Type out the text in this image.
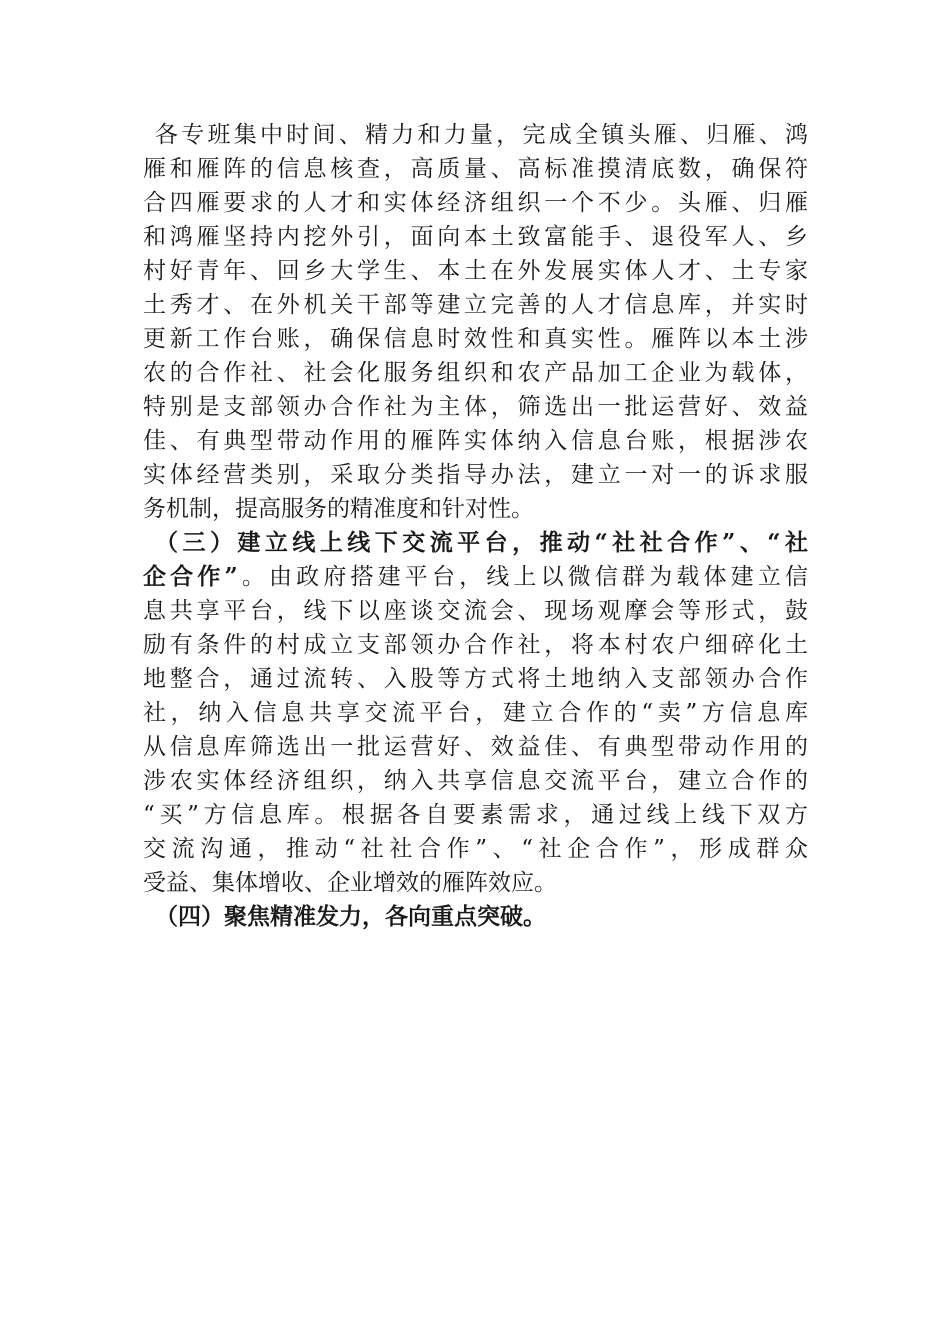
各专班集中时间、精力和力量，完成全镇头雁、归雁、鸿
雁和雁阵的信息核查，高质量、高标准摸清底数，确保符
合四雁要求的人才和实体经济组织一个不少。头雁、归雁
和鸿雁坚持内挖外引，面向本土致富能手、退役军人、乡
村好青年、回乡大学生、本土在外发展实体人才、土专家
土秀才、在外机关干部等建立完善的人才信息库，并实时
更新工作台账，确保信息时效性和真实性。雁阵以本土涉
农的合作社、社会化服务组织和农产品加工企业为载体，
特别是支部领办合作社为主体，筛选出一批运营好、效益
佳、有典型带动作用的雁阵实体纳入信息台账，根据涉农
实体经营类别，采取分类指导办法，建立一对一的诉求服
务机制，提高服务的精准度和针对性。
（三）建立线上线下交流平台，推动“社社合作”、“社
企合作”。由政府搭建平台，线上以微信群为载体建立信
息共享平台，线下以座谈交流会、现场观摩会等形式，鼓
励有条件的村成立支部领办合作社，将本村农户细碎化土
地整合，通过流转、入股等方式将土地纳入支部领办合作
社，纳入信息共享交流平台，建立合作的“卖”方信息库
从信息库筛选出一批运营好、效益佳、有典型带动作用的
涉农实体经济组织，纳入共享信息交流平台，建立合作的
“买”方信息库。根据各自要素需求，通过线上线下双方
交流沟通，推动“社社合作”、“社企合作”，形成群众
受益、集体增收、企业增效的雁阵效应。
（四）聚焦精准发力，各向重点突破。
